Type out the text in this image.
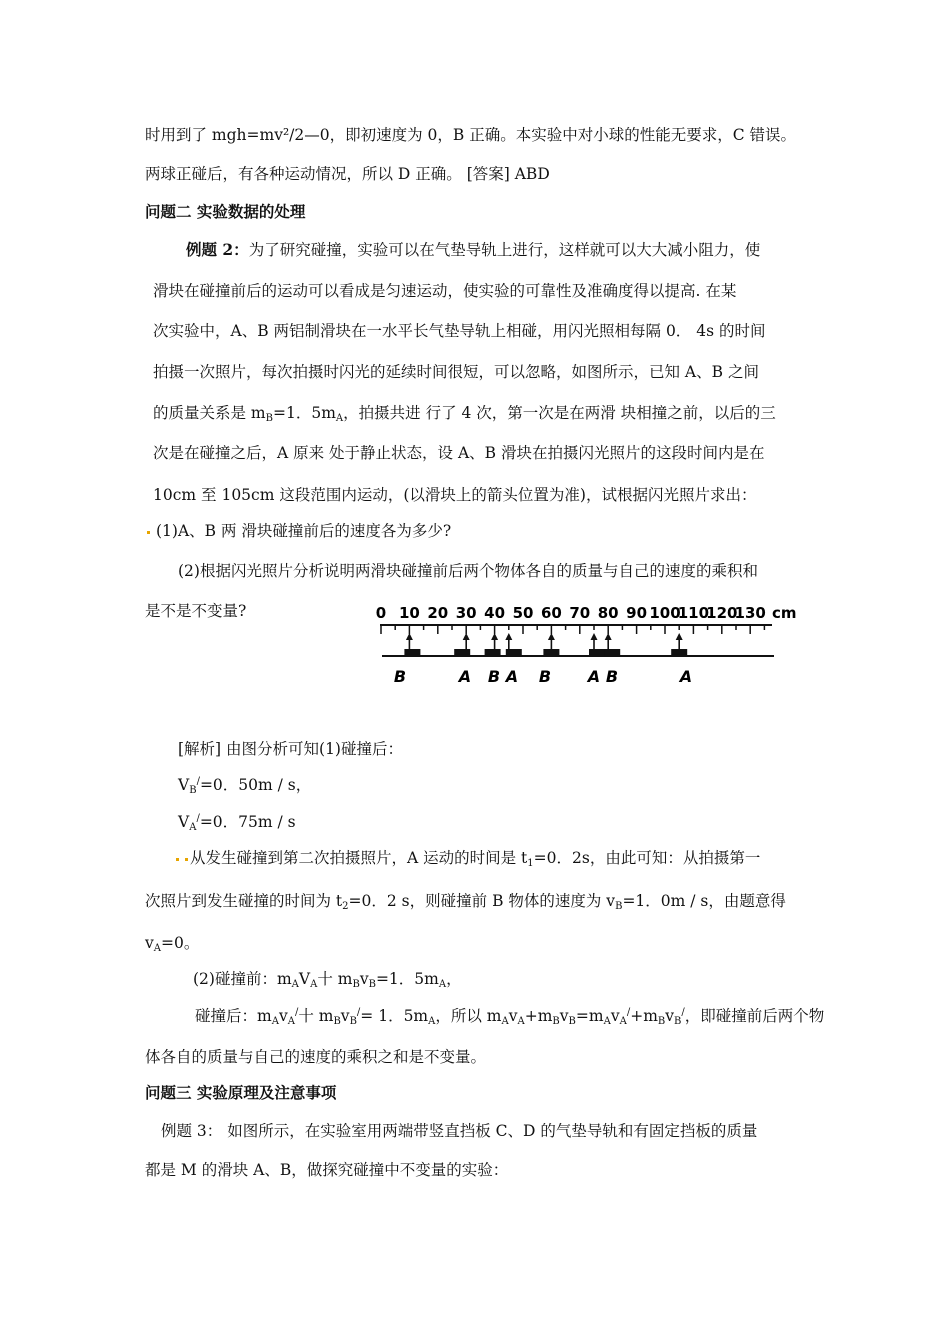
时用到了 mgh=mv²/2—0，即初速度为 0，B 正确。本实验中对小球的性能无要求，C 错误。
两球正碰后，有各种运动情况，所以 D 正确。 [答案] ABD
问题二 实验数据的处理
例题 2：为了研究碰撞，实验可以在气垫导轨上进行，这样就可以大大减小阻力，使
滑块在碰撞前后的运动可以看成是匀速运动，使实验的可靠性及准确度得以提高. 在某
次实验中，A、B 两铝制滑块在一水平长气垫导轨上相碰，用闪光照相每隔 0． 4s 的时间
拍摄一次照片，每次拍摄时闪光的延续时间很短，可以忽略，如图所示，已知 A、B 之间
的质量关系是 $m_B=1$．$5m_A$，拍摄共进 行了 4 次，第一次是在两滑 块相撞之前，以后的三
次是在碰撞之后，A 原来 处于静止状态，设 A、B 滑块在拍摄闪光照片的这段时间内是在
10cm 至 105cm 这段范围内运动，(以滑块上的箭头位置为准)，试根据闪光照片求出：
(1)A、B 两 滑块碰撞前后的速度各为多少?
(2)根据闪光照片分析说明两滑块碰撞前后两个物体各自的质量与自己的速度的乘积和
是不是不变量?	0 10 20 30 40 50 60 70 80 90 100
110
120
130 cm
B	A B A B A B	A
[解析] 由图分析可知(1)碰撞后：
$V_B^/=0$．50m / s，
$V_A^/=0$．75m / s
从发生碰撞到第二次拍摄照片，A 运动的时间是 $t_1=0$．2s，由此可知：从拍摄第一
次照片到发生碰撞的时间为 $t_2=0$．2 s，则碰撞前 B 物体的速度为 $v_B=1$．0m / s，由题意得
$v_A=0$。
(2)碰撞前：$m_AV_A$十 $m_Bv_B=1$．$5m_A$，
碰撞后：$m_Av_A^/$十 $m_Bv_B^/= 1$．$5m_A$，所以 $m_Av_A+m_Bv_B=m_Av_A^/+m_Bv_B^/$，即碰撞前后两个物
体各自的质量与自己的速度的乘积之和是不变量。
问题三 实验原理及注意事项
例题 3： 如图所示，在实验室用两端带竖直挡板 C、D 的气垫导轨和有固定挡板的质量
都是 M 的滑块 A、B，做探究碰撞中不变量的实验：
